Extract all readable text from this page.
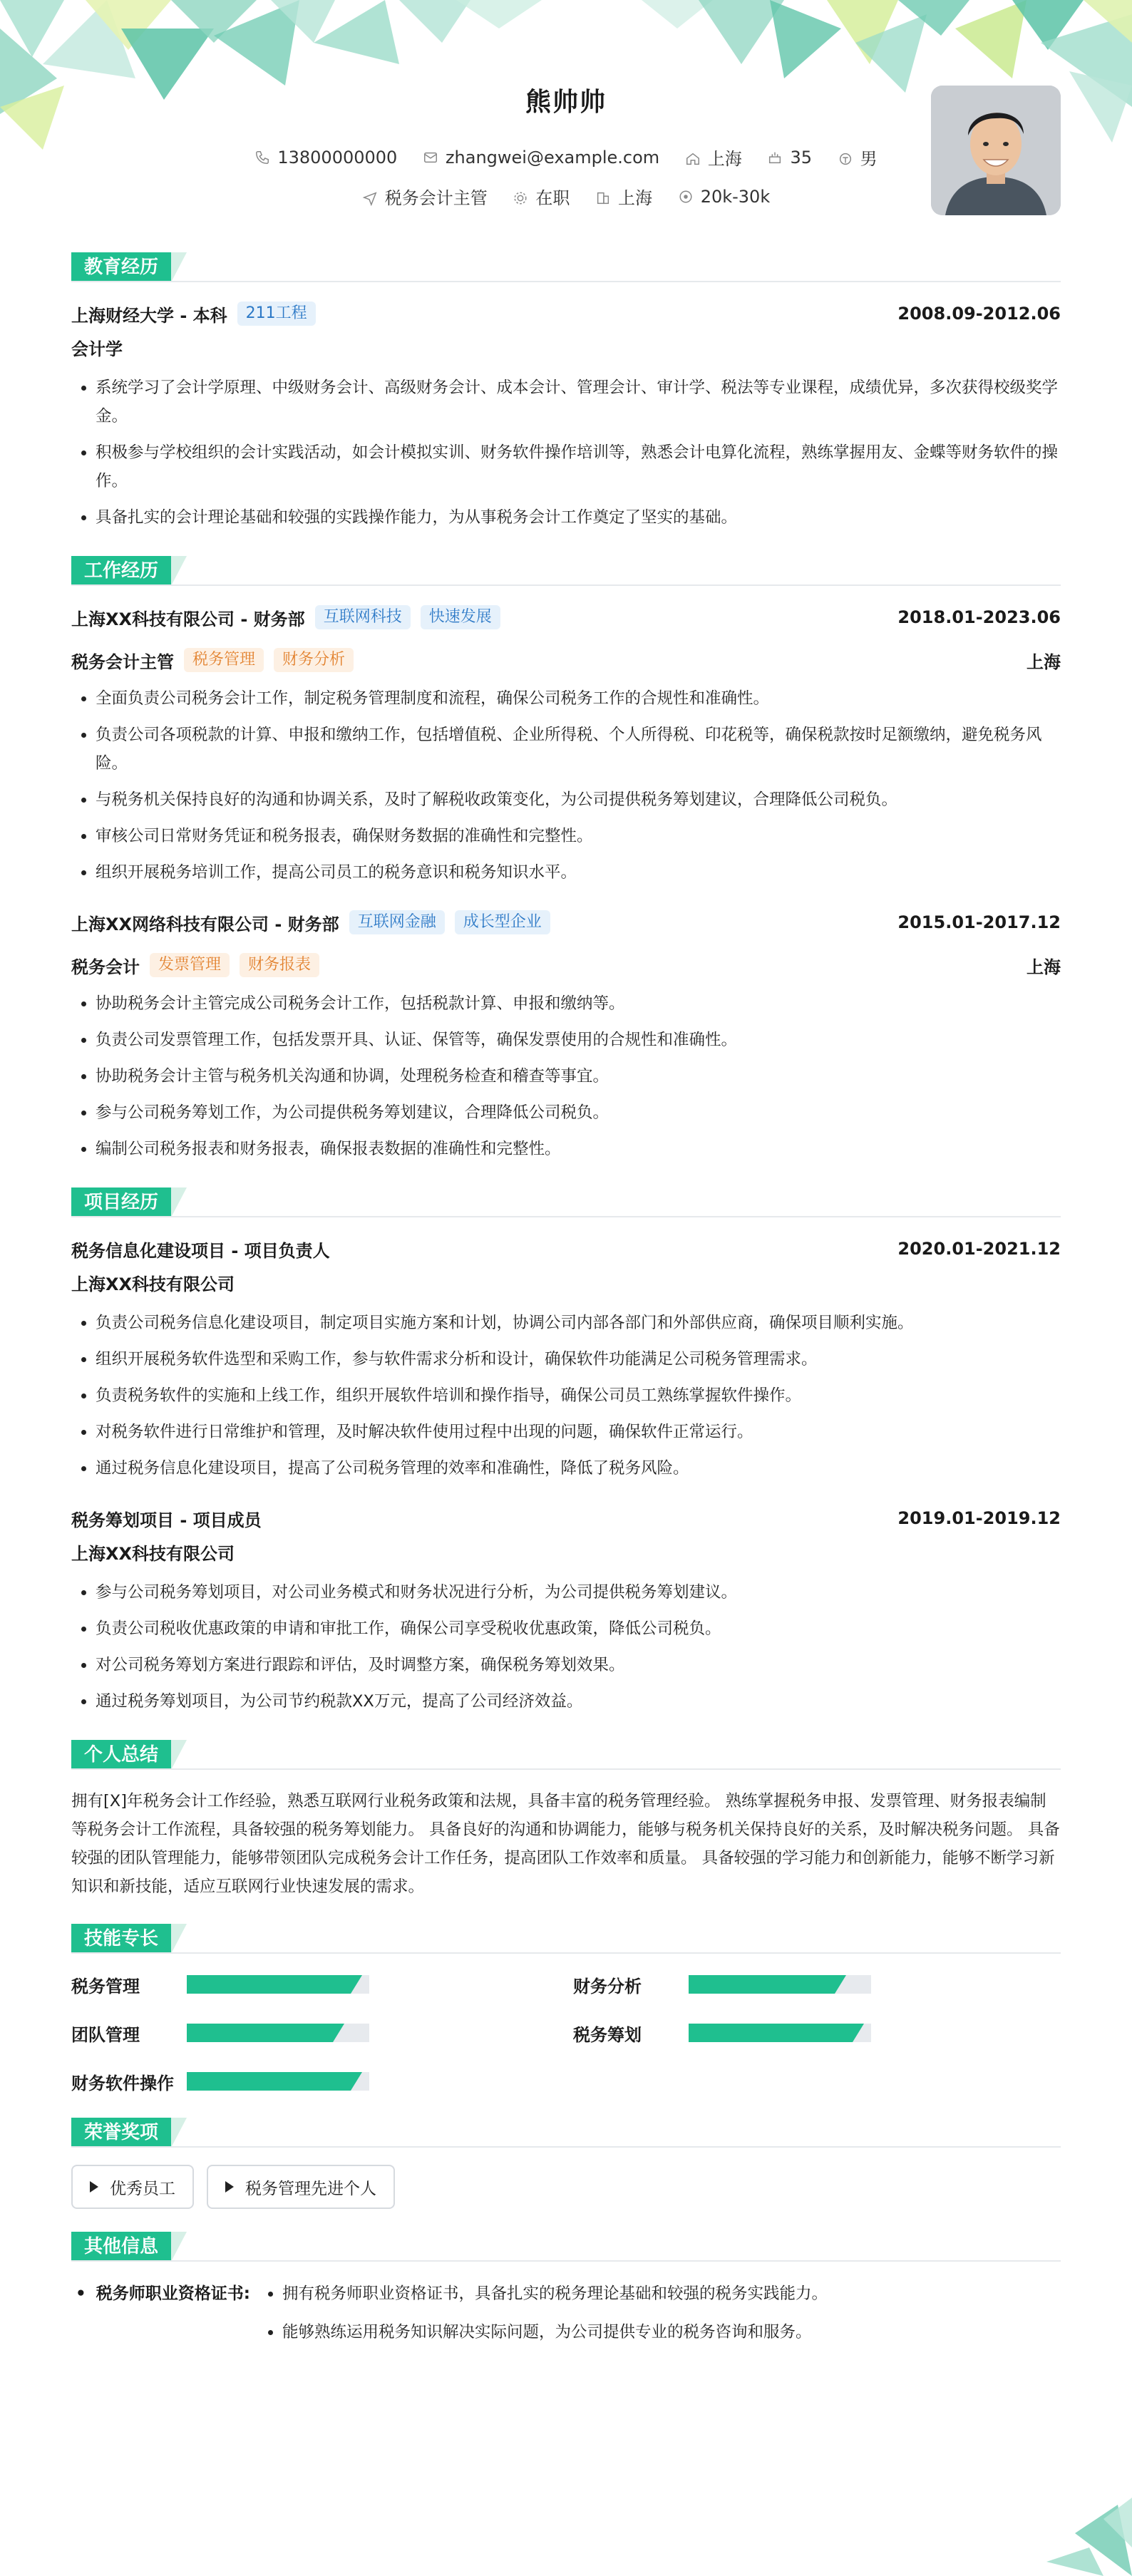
熊帅帅
13800000000	zhangwei@example.com	上海	35	男
税务会计主管	在职	上海	20k-30k
教育经历
上海财经大学 - 本科	211工程	2008.09-2012.06
会计学
• 系统学习了会计学原理、中级财务会计、高级财务会计、成本会计、管理会计、审计学、税法等专业课程，成绩优异，多次获得校级奖学金。
• 积极参与学校组织的会计实践活动，如会计模拟实训、财务软件操作培训等，熟悉会计电算化流程，熟练掌握用友、金蝶等财务软件的操作。
• 具备扎实的会计理论基础和较强的实践操作能力，为从事税务会计工作奠定了坚实的基础。
工作经历
上海XX科技有限公司 - 财务部	互联网科技	快速发展	2018.01-2023.06
税务会计主管	税务管理	财务分析	上海
• 全面负责公司税务会计工作，制定税务管理制度和流程，确保公司税务工作的合规性和准确性。
• 负责公司各项税款的计算、申报和缴纳工作，包括增值税、企业所得税、个人所得税、印花税等，确保税款按时足额缴纳，避免税务风险。
• 与税务机关保持良好的沟通和协调关系，及时了解税收政策变化，为公司提供税务筹划建议，合理降低公司税负。
• 审核公司日常财务凭证和税务报表，确保财务数据的准确性和完整性。
• 组织开展税务培训工作，提高公司员工的税务意识和税务知识水平。
上海XX网络科技有限公司 - 财务部	互联网金融	成长型企业	2015.01-2017.12
税务会计	发票管理	财务报表	上海
• 协助税务会计主管完成公司税务会计工作，包括税款计算、申报和缴纳等。
• 负责公司发票管理工作，包括发票开具、认证、保管等，确保发票使用的合规性和准确性。
• 协助税务会计主管与税务机关沟通和协调，处理税务检查和稽查等事宜。
• 参与公司税务筹划工作，为公司提供税务筹划建议，合理降低公司税负。
• 编制公司税务报表和财务报表，确保报表数据的准确性和完整性。
项目经历
税务信息化建设项目 - 项目负责人	2020.01-2021.12
上海XX科技有限公司
• 负责公司税务信息化建设项目，制定项目实施方案和计划，协调公司内部各部门和外部供应商，确保项目顺利实施。
• 组织开展税务软件选型和采购工作，参与软件需求分析和设计，确保软件功能满足公司税务管理需求。
• 负责税务软件的实施和上线工作，组织开展软件培训和操作指导，确保公司员工熟练掌握软件操作。
• 对税务软件进行日常维护和管理，及时解决软件使用过程中出现的问题，确保软件正常运行。
• 通过税务信息化建设项目，提高了公司税务管理的效率和准确性，降低了税务风险。
税务筹划项目 - 项目成员	2019.01-2019.12
上海XX科技有限公司
• 参与公司税务筹划项目，对公司业务模式和财务状况进行分析，为公司提供税务筹划建议。
• 负责公司税收优惠政策的申请和审批工作，确保公司享受税收优惠政策，降低公司税负。
• 对公司税务筹划方案进行跟踪和评估，及时调整方案，确保税务筹划效果。
• 通过税务筹划项目，为公司节约税款XX万元，提高了公司经济效益。
个人总结

拥有[X]年税务会计工作经验，熟悉互联网行业税务政策和法规，具备丰富的税务管理经验。 熟练掌握税务申报、发票管理、财务报表编制等税务会计工作流程，具备较强的税务筹划能力。 具备良好的沟通和协调能力，能够与税务机关保持良好的关系，及时解决税务问题。 具备较强的团队管理能力，能够带领团队完成税务会计工作任务，提高团队工作效率和质量。 具备较强的学习能力和创新能力，能够不断学习新知识和新技能，适应互联网行业快速发展的需求。

技能专长
税务管理	财务分析
团队管理	税务筹划
财务软件操作
荣誉奖项
优秀员工	税务管理先进个人
其他信息
• 税务师职业资格证书:
•	拥有税务师职业资格证书，具备扎实的税务理论基础和较强的税务实践能力。
• 能够熟练运用税务知识解决实际问题，为公司提供专业的税务咨询和服务。
